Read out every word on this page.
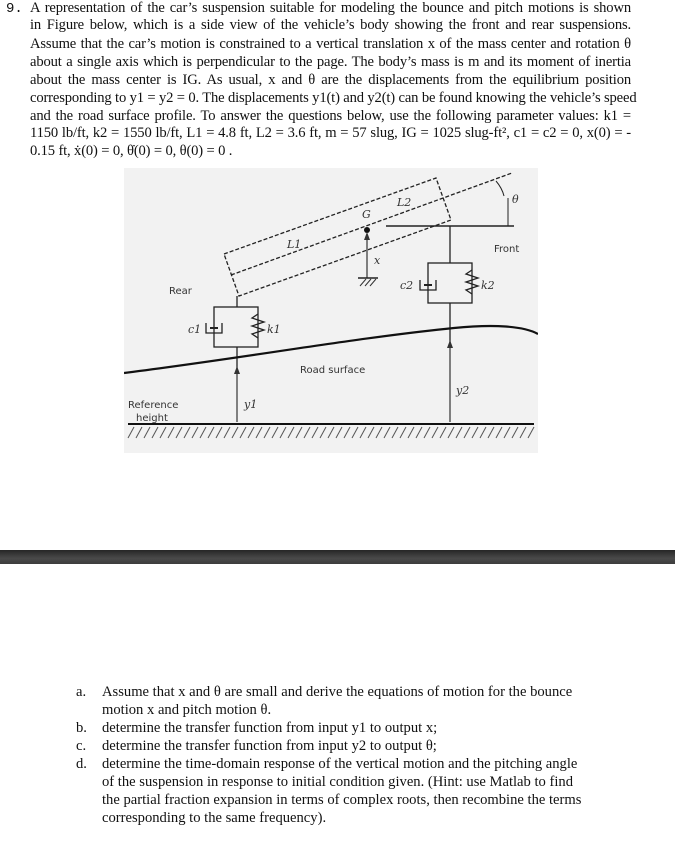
9. A representation of the car’s suspension suitable for modeling the bounce and pitch motions is shown
in Figure below, which is a side view of the vehicle’s body showing the front and rear suspensions.
Assume that the car’s motion is constrained to a vertical translation x of the mass center and rotation θ
about a single axis which is perpendicular to the page. The body’s mass is m and its moment of inertia
about the mass center is IG. As usual, x and θ are the displacements from the equilibrium position
corresponding to y1 = y2 = 0. The displacements y1(t) and y2(t) can be found knowing the vehicle’s speed
and the road surface profile. To answer the questions below, use the following parameter values: k1 =
1150 lb/ft, k2 = 1550 lb/ft, L1 = 4.8 ft, L2 = 3.6 ft, m = 57 slug, IG = 1025 slug-ft², c1 = c2 = 0, x(0) = -
0.15 ft, ẋ(0) = 0, θ̇(0) = 0, θ(0) = 0 .
θ
G
x
L1
L2
Front
Rear
c1	k1
c2	k2
Road surface
y1
y2
Reference
height
a. Assume that x and θ are small and derive the equations of motion for the bounce
motion x and pitch motion θ.
b. determine the transfer function from input y1 to output x;
c. determine the transfer function from input y2 to output θ;
d. determine the time-domain response of the vertical motion and the pitching angle
of the suspension in response to initial condition given. (Hint: use Matlab to find
the partial fraction expansion in terms of complex roots, then recombine the terms
corresponding to the same frequency).
